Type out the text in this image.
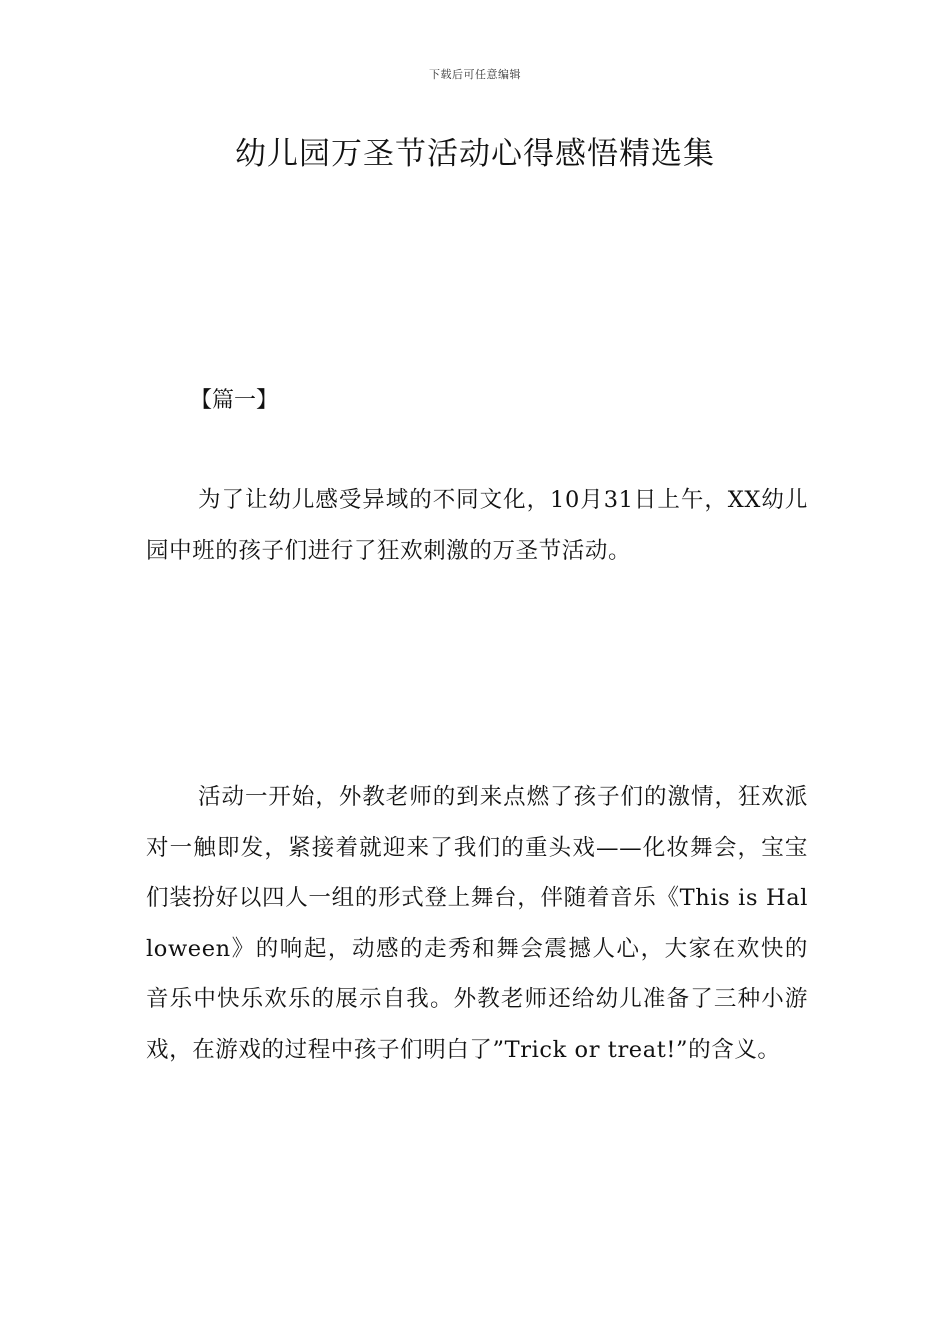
下载后可任意编辑
幼儿园万圣节活动心得感悟精选集

【篇一】

为了让幼儿感受异域的不同文化，10月31日上午，XX幼儿园中班的孩子们进行了狂欢刺激的万圣节活动。

活动一开始，外教老师的到来点燃了孩子们的激情，狂欢派对一触即发，紧接着就迎来了我们的重头戏——化妆舞会，宝宝们装扮好以四人一组的形式登上舞台，伴随着音乐《This is Halloween》的响起，动感的走秀和舞会震撼人心，大家在欢快的音乐中快乐欢乐的展示自我。外教老师还给幼儿准备了三种小游戏，在游戏的过程中孩子们明白了”Trick or treat!”的含义。
